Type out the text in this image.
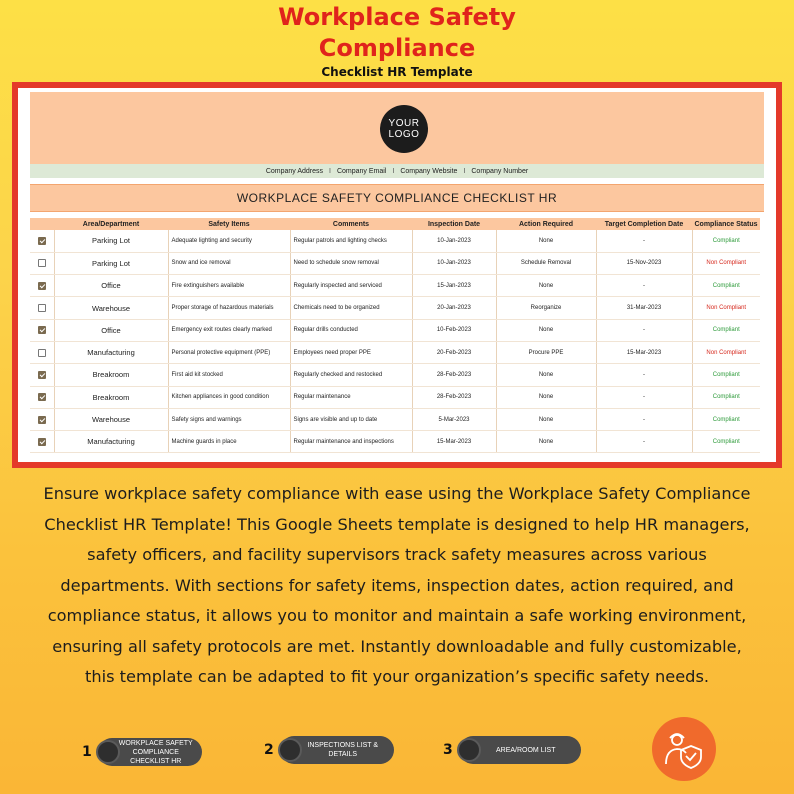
Workplace Safety
Compliance
Checklist HR Template
YOUR
LOGO
Company Address I Company Email I Company Website I Company Number
WORKPLACE SAFETY COMPLIANCE CHECKLIST HR
	Area/Department	Safety Items	Comments	Inspection Date	Action Required	Target Completion Date	Compliance Status
	Parking Lot	Adequate lighting and security	Regular patrols and lighting checks	10-Jan-2023	None	-	Compliant
	Parking Lot	Snow and ice removal	Need to schedule snow removal	10-Jan-2023	Schedule Removal	15-Nov-2023	Non Compliant
	Office	Fire extinguishers available	Regularly inspected and serviced	15-Jan-2023	None	-	Compliant
	Warehouse	Proper storage of hazardous materials	Chemicals need to be organized	20-Jan-2023	Reorganize	31-Mar-2023	Non Compliant
	Office	Emergency exit routes clearly marked	Regular drills conducted	10-Feb-2023	None	-	Compliant
	Manufacturing	Personal protective equipment (PPE)	Employees need proper PPE	20-Feb-2023	Procure PPE	15-Mar-2023	Non Compliant
	Breakroom	First aid kit stocked	Regularly checked and restocked	28-Feb-2023	None	-	Compliant
	Breakroom	Kitchen appliances in good condition	Regular maintenance	28-Feb-2023	None	-	Compliant
	Warehouse	Safety signs and warnings	Signs are visible and up to date	5-Mar-2023	None	-	Compliant
	Manufacturing	Machine guards in place	Regular maintenance and inspections	15-Mar-2023	None	-	Compliant
Ensure workplace safety compliance with ease using the Workplace Safety Compliance Checklist HR Template! This Google Sheets template is designed to help HR managers, safety officers, and facility supervisors track safety measures across various departments. With sections for safety items, inspection dates, action required, and compliance status, it allows you to monitor and maintain a safe working environment, ensuring all safety protocols are met. Instantly downloadable and fully customizable, this template can be adapted to fit your organization’s specific safety needs.
1
WORKPLACE SAFETY COMPLIANCE CHECKLIST HR
2	INSPECTIONS LIST & DETAILS	3	AREA/ROOM LIST
